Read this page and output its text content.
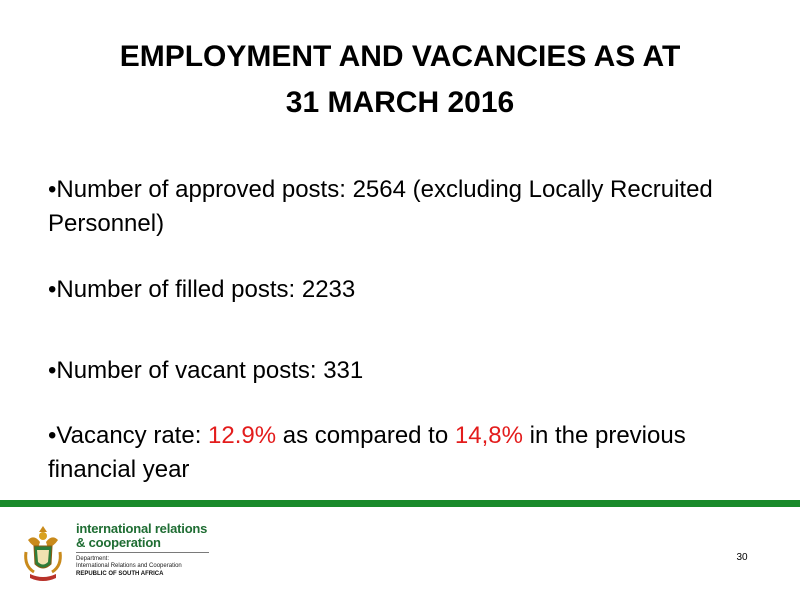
EMPLOYMENT AND VACANCIES AS AT
31 MARCH 2016
•Number of approved posts: 2564 (excluding Locally Recruited Personnel)
•Number of filled posts: 2233
•Number of vacant posts: 331
•Vacancy rate: 12.9% as compared to 14,8% in the previous financial year
international relations
& cooperation
Department:
International Relations and Cooperation
REPUBLIC OF SOUTH AFRICA
30
